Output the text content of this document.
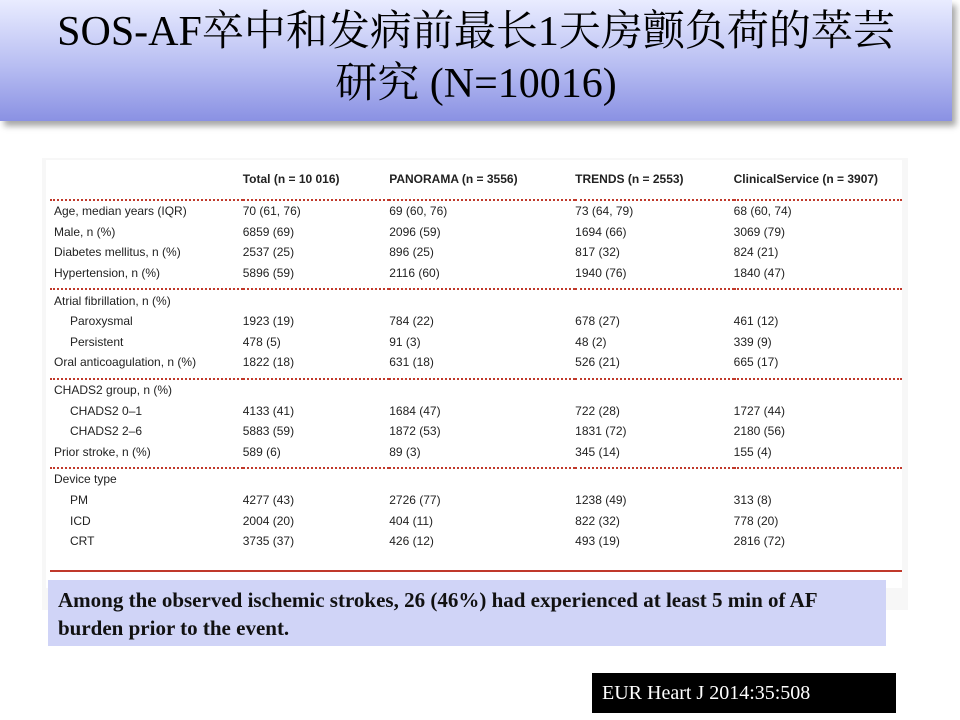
SOS-AF卒中和发病前最长1天房颤负荷的萃芸
研究 (N=10016)
	Total (n = 10 016)	PANORAMA (n = 3556)	TRENDS (n = 2553)	ClinicalService (n = 3907)

Age, median years (IQR)	70 (61, 76)	69 (60, 76)	73 (64, 79)	68 (60, 74)
Male, n (%)	6859 (69)	2096 (59)	1694 (66)	3069 (79)
Diabetes mellitus, n (%)	2537 (25)	896 (25)	817 (32)	824 (21)
Hypertension, n (%)	5896 (59)	2116 (60)	1940 (76)	1840 (47)

Atrial fibrillation, n (%)				
Paroxysmal	1923 (19)	784 (22)	678 (27)	461 (12)
Persistent	478 (5)	91 (3)	48 (2)	339 (9)
Oral anticoagulation, n (%)	1822 (18)	631 (18)	526 (21)	665 (17)

CHADS2 group, n (%)				
CHADS2 0–1	4133 (41)	1684 (47)	722 (28)	1727 (44)
CHADS2 2–6	5883 (59)	1872 (53)	1831 (72)	2180 (56)
Prior stroke, n (%)	589 (6)	89 (3)	345 (14)	155 (4)

Device type				
PM	4277 (43)	2726 (77)	1238 (49)	313 (8)
ICD	2004 (20)	404 (11)	822 (32)	778 (20)
CRT	3735 (37)	426 (12)	493 (19)	2816 (72)
Among the observed ischemic strokes, 26 (46%) had experienced at least 5 min of AF burden prior to the event.
EUR Heart J 2014:35:508
